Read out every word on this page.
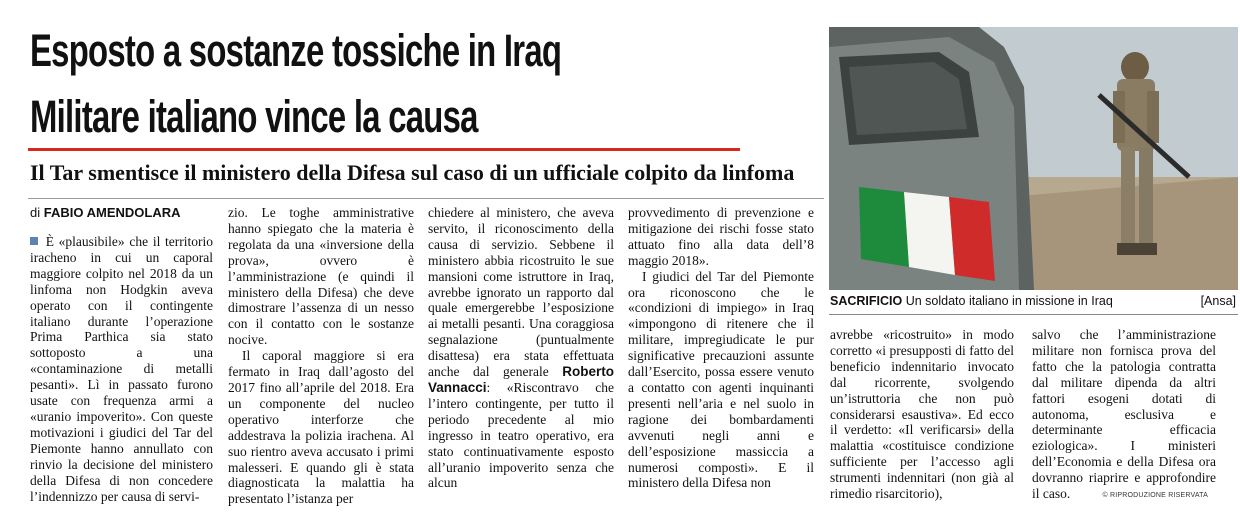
Esposto a sostanze tossiche in Iraq
Militare italiano vince la causa
Il Tar smentisce il ministero della Difesa sul caso di un ufficiale colpito da linfoma
di FABIO AMENDOLARA

È «plausibile» che il territorio iracheno in cui un caporal maggiore colpito nel 2018 da un linfoma non Hodgkin aveva operato con il contingente italiano durante l’operazione Prima Parthica sia stato sottoposto a una «contaminazione di metalli pesanti». Lì in passato furono usate con frequenza armi a «uranio impoverito». Con queste motivazioni i giudici del Tar del Piemonte hanno annullato con rinvio la decisione del ministero della Difesa di non concedere l’indennizzo per causa di servi-

zio. Le toghe amministrative hanno spiegato che la materia è regolata da una «inversione della prova», ovvero è l’amministrazione (e quindi il ministero della Difesa) che deve dimostrare l’assenza di un nesso con il contatto con le sostanze nocive.

Il caporal maggiore si era fermato in Iraq dall’agosto del 2017 fino all’aprile del 2018. Era un componente del nucleo operativo interforze che addestrava la polizia irachena. Al suo rientro aveva accusato i primi malesseri. E quando gli è stata diagnosticata la malattia ha presentato l’istanza per

chiedere al ministero, che aveva servito, il riconoscimento della causa di servizio. Sebbene il ministero abbia ricostruito le sue mansioni come istruttore in Iraq, avrebbe ignorato un rapporto dal quale emergerebbe l’esposizione ai metalli pesanti. Una coraggiosa segnalazione (puntualmente disattesa) era stata effettuata anche dal generale Roberto Vannacci: «Riscontravo che l’intero contingente, per tutto il periodo precedente al mio ingresso in teatro operativo, era stato continuativamente esposto all’uranio impoverito senza che alcun

provvedimento di prevenzione e mitigazione dei rischi fosse stato attuato fino alla data dell’8 maggio 2018».

I giudici del Tar del Piemonte ora riconoscono che le «condizioni di impiego» in Iraq «impongono di ritenere che il militare, impregiudicate le pur significative precauzioni assunte dall’Esercito, possa essere venuto a contatto con agenti inquinanti presenti nell’aria e nel suolo in ragione dei bombardamenti avvenuti negli anni e dell’esposizione massiccia a numerosi composti». E il ministero della Difesa non

avrebbe «ricostruito» in modo corretto «i presupposti di fatto del beneficio indennitario invocato dal ricorrente, svolgendo un’istruttoria che non può considerarsi esaustiva». Ed ecco il verdetto: «Il verificarsi» della malattia «costituisce condizione sufficiente per l’accesso agli strumenti indennitari (non già al rimedio risarcitorio),

salvo che l’amministrazione militare non fornisca prova del fatto che la patologia contratta dal militare dipenda da altri fattori esogeni dotati di autonoma, esclusiva e determinante efficacia eziologica». I ministeri dell’Economia e della Difesa ora dovranno riaprire e approfondire il caso.

SACRIFICIO Un soldato italiano in missione in Iraq	[Ansa]
© RIPRODUZIONE RISERVATA
